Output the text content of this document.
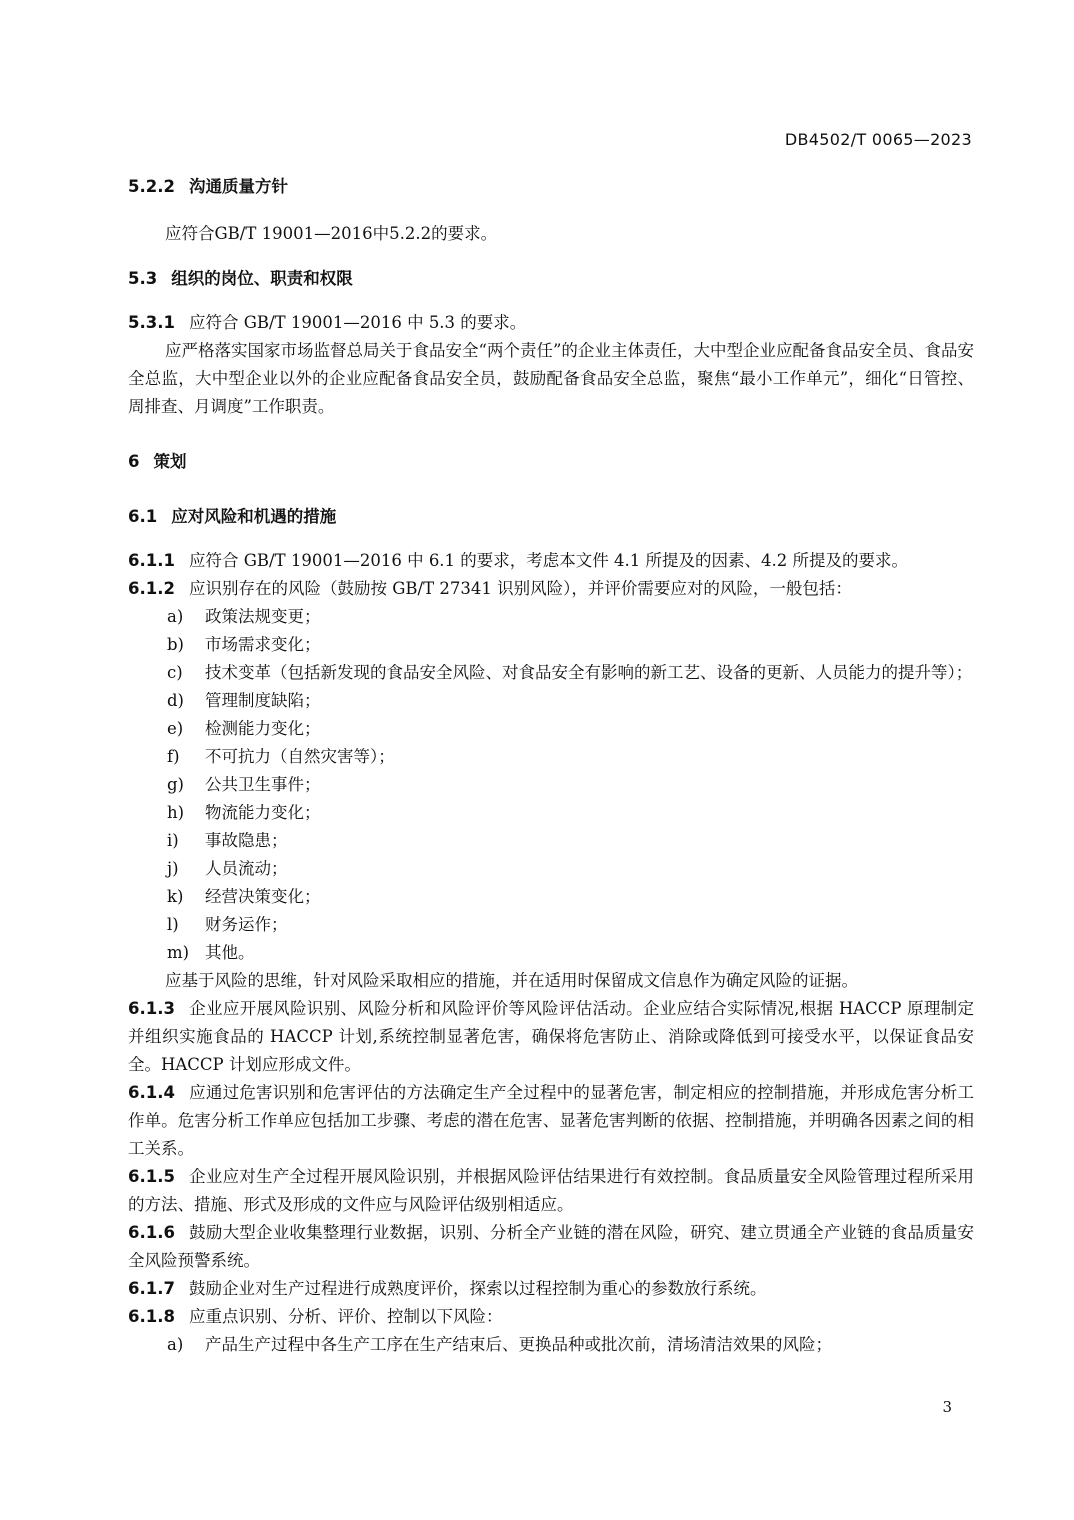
DB4502/T 0065—2023
5.2.2 沟通质量方针
应符合GB/T 19001—2016中5.2.2的要求。
5.3 组织的岗位、职责和权限
5.3.1 应符合 GB/T 19001—2016 中 5.3 的要求。
应严格落实国家市场监督总局关于食品安全“两个责任”的企业主体责任，大中型企业应配备食品安全员、食品安全总监，大中型企业以外的企业应配备食品安全员，鼓励配备食品安全总监，聚焦“最小工作单元”，细化“日管控、周排查、月调度”工作职责。
6 策划
6.1 应对风险和机遇的措施
6.1.1 应符合 GB/T 19001—2016 中 6.1 的要求，考虑本文件 4.1 所提及的因素、4.2 所提及的要求。
6.1.2 应识别存在的风险（鼓励按 GB/T 27341 识别风险），并评价需要应对的风险，一般包括：
a) 政策法规变更；
b) 市场需求变化；
c) 技术变革（包括新发现的食品安全风险、对食品安全有影响的新工艺、设备的更新、人员能力的提升等）；
d) 管理制度缺陷；
e) 检测能力变化；
f) 不可抗力（自然灾害等）；
g) 公共卫生事件；
h) 物流能力变化；
i) 事故隐患；
j) 人员流动；
k) 经营决策变化；
l) 财务运作；
m) 其他。
应基于风险的思维，针对风险采取相应的措施，并在适用时保留成文信息作为确定风险的证据。
6.1.3 企业应开展风险识别、风险分析和风险评价等风险评估活动。企业应结合实际情况,根据 HACCP 原理制定并组织实施食品的 HACCP 计划,系统控制显著危害，确保将危害防止、消除或降低到可接受水平，以保证食品安全。HACCP 计划应形成文件。
6.1.4 应通过危害识别和危害评估的方法确定生产全过程中的显著危害，制定相应的控制措施，并形成危害分析工作单。危害分析工作单应包括加工步骤、考虑的潜在危害、显著危害判断的依据、控制措施，并明确各因素之间的相工关系。
6.1.5 企业应对生产全过程开展风险识别，并根据风险评估结果进行有效控制。食品质量安全风险管理过程所采用的方法、措施、形式及形成的文件应与风险评估级别相适应。
6.1.6 鼓励大型企业收集整理行业数据，识别、分析全产业链的潜在风险，研究、建立贯通全产业链的食品质量安全风险预警系统。
6.1.7 鼓励企业对生产过程进行成熟度评价，探索以过程控制为重心的参数放行系统。
6.1.8 应重点识别、分析、评价、控制以下风险：
a) 产品生产过程中各生产工序在生产结束后、更换品种或批次前，清场清洁效果的风险；
3
